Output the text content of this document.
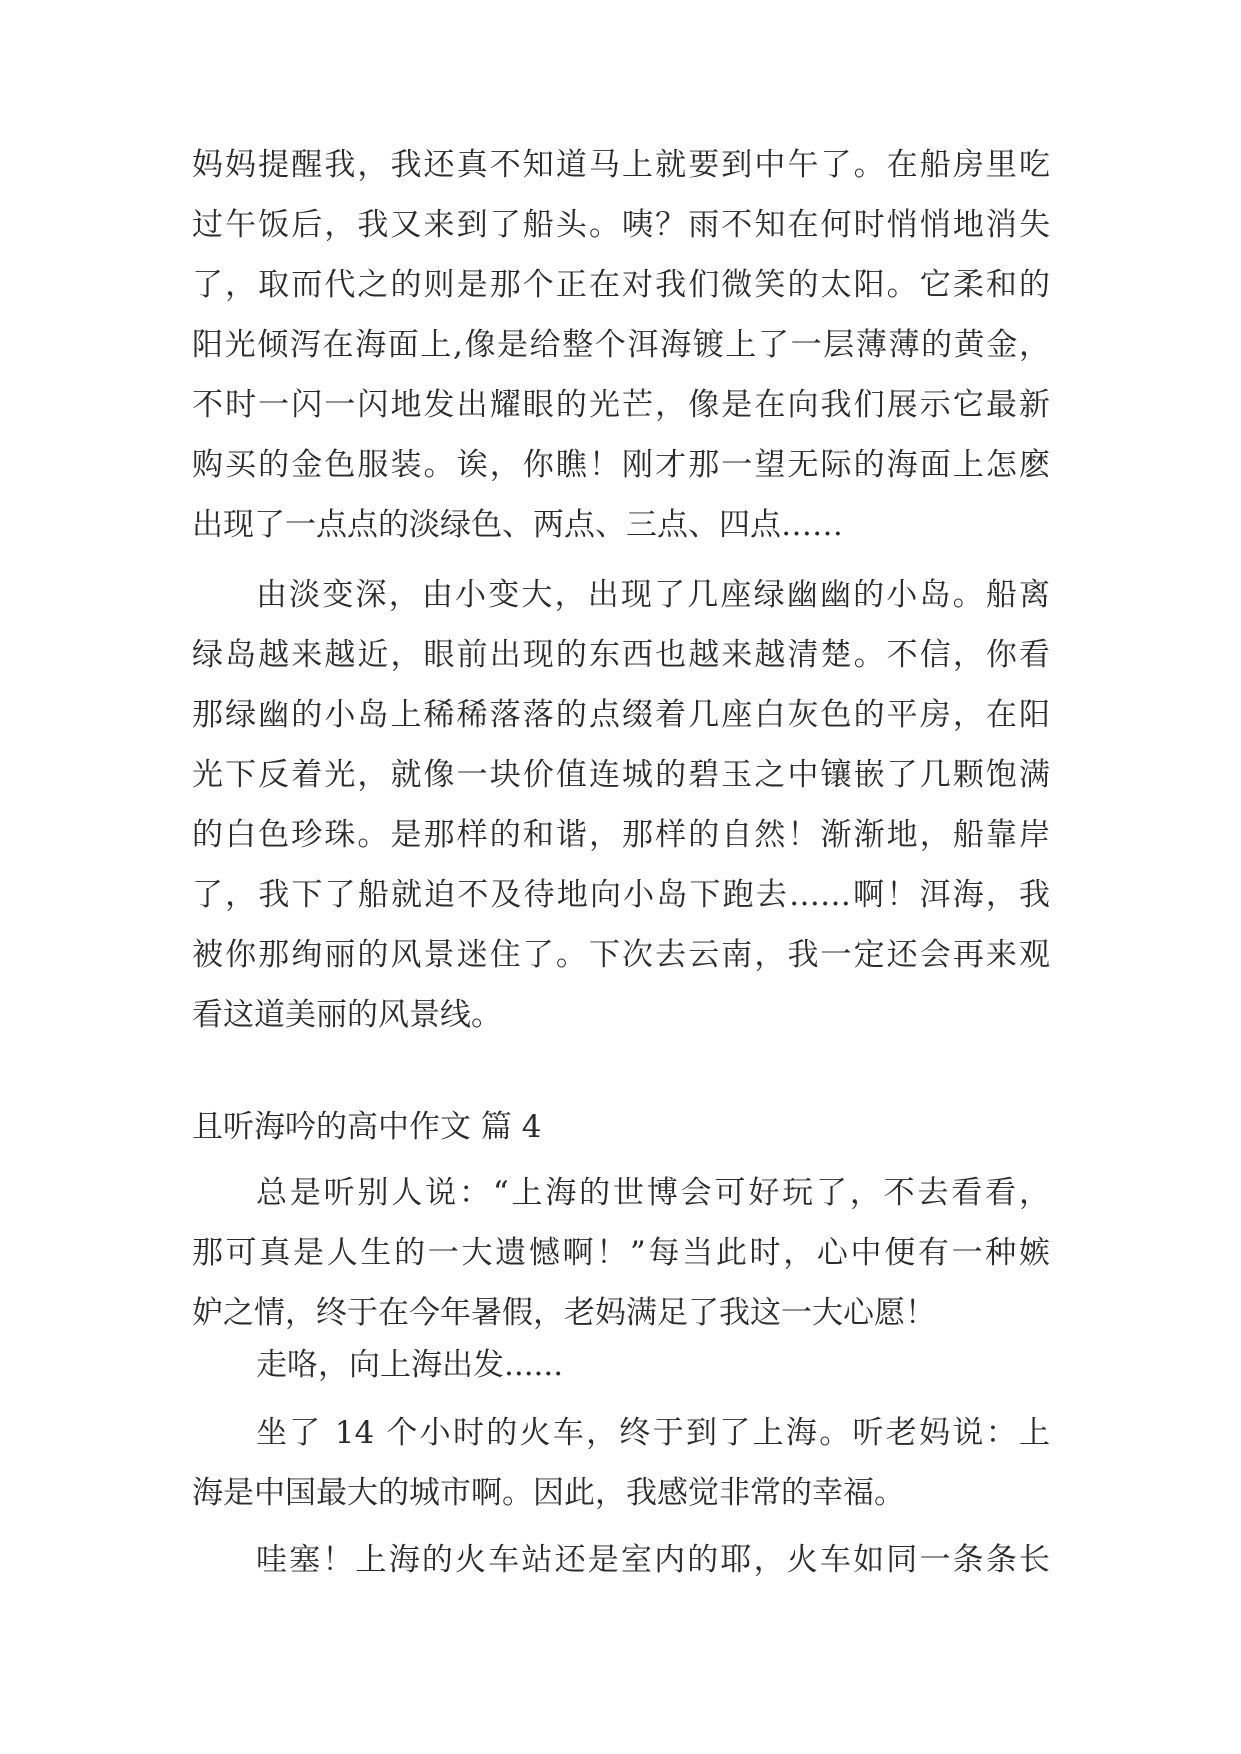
妈妈提醒我，我还真不知道马上就要到中午了。在船房里吃
过午饭后，我又来到了船头。咦？雨不知在何时悄悄地消失
了，取而代之的则是那个正在对我们微笑的太阳。它柔和的
阳光倾泻在海面上,像是给整个洱海镀上了一层薄薄的黄金，
不时一闪一闪地发出耀眼的光芒，像是在向我们展示它最新
购买的金色服装。诶，你瞧！刚才那一望无际的海面上怎麽
出现了一点点的淡绿色、两点、三点、四点……
由淡变深，由小变大，出现了几座绿幽幽的小岛。船离
绿岛越来越近，眼前出现的东西也越来越清楚。不信，你看
那绿幽的小岛上稀稀落落的点缀着几座白灰色的平房，在阳
光下反着光，就像一块价值连城的碧玉之中镶嵌了几颗饱满
的白色珍珠。是那样的和谐，那样的自然！渐渐地，船靠岸
了，我下了船就迫不及待地向小岛下跑去……啊！洱海，我
被你那绚丽的风景迷住了。下次去云南，我一定还会再来观
看这道美丽的风景线。
且听海吟的高中作文 篇 4
总是听别人说：“上海的世博会可好玩了，不去看看，
那可真是人生的一大遗憾啊！”每当此时，心中便有一种嫉
妒之情，终于在今年暑假，老妈满足了我这一大心愿！
走咯，向上海出发......
坐了 14 个小时的火车，终于到了上海。听老妈说：上
海是中国最大的城市啊。因此，我感觉非常的幸福。
哇塞！上海的火车站还是室内的耶，火车如同一条条长
